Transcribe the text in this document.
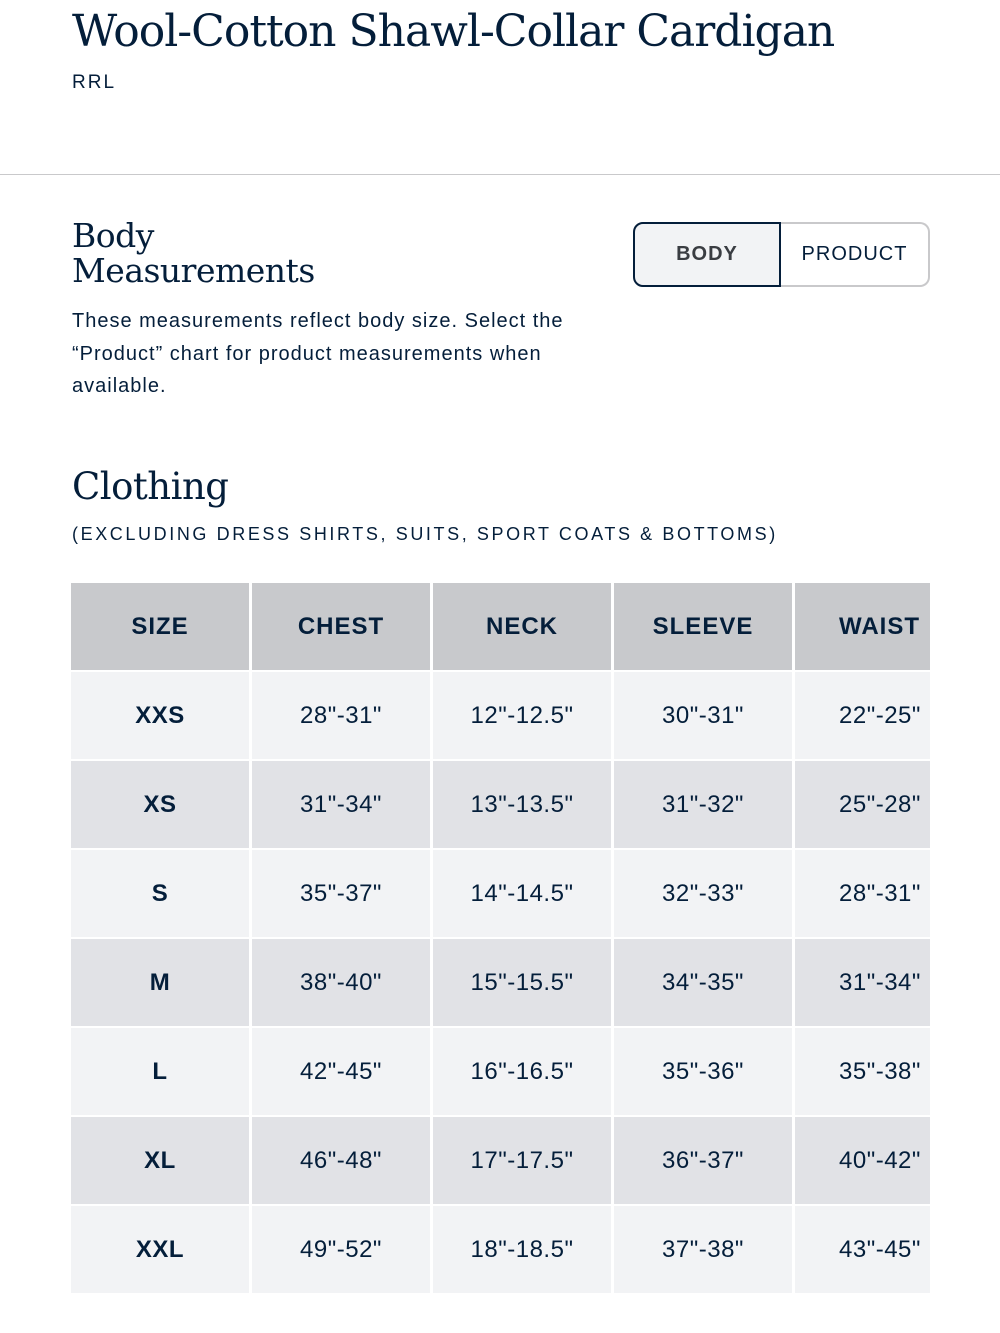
Wool-Cotton Shawl-Collar Cardigan
RRL
Body Measurements	BODY	PRODUCT

These measurements reflect body size. Select the “Product” chart for product measurements when available.

Clothing
(EXCLUDING DRESS SHIRTS, SUITS, SPORT COATS & BOTTOMS)
SIZE	CHEST	NECK	SLEEVE	WAIST
XXS	28"-31"	12"-12.5"	30"-31"	22"-25"
XS	31"-34"	13"-13.5"	31"-32"	25"-28"
S	35"-37"	14"-14.5"	32"-33"	28"-31"
M	38"-40"	15"-15.5"	34"-35"	31"-34"
L	42"-45"	16"-16.5"	35"-36"	35"-38"
XL	46"-48"	17"-17.5"	36"-37"	40"-42"
XXL	49"-52"	18"-18.5"	37"-38"	43"-45"
